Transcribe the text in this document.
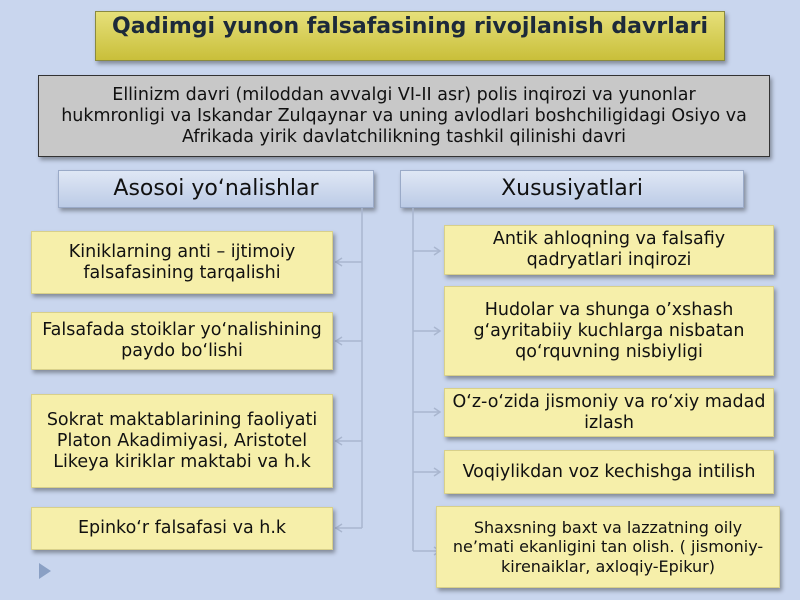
Qadimgi yunon falsafasining rivojlanish davrlari
Ellinizm davri (miloddan avvalgi VI-II asr) polis inqirozi va yunonlar hukmronligi va Iskandar Zulqaynar va uning avlodlari boshchiligidagi Osiyo va Afrikada yirik davlatchilikning tashkil qilinishi davri
Asosoi yo‘nalishlar	Xususiyatlari
Kiniklarning anti – ijtimoiy falsafasining tarqalishi
Falsafada stoiklar yo‘nalishining paydo bo‘lishi
Sokrat maktablarining faoliyati Platon Akadimiyasi, Aristotel Likeya kiriklar maktabi va h.k
Epinko‘r falsafasi va h.k
Antik ahloqning va falsafiy qadryatlari inqirozi
Hudolar va shunga o’xshash g‘ayritabiiy kuchlarga nisbatan qo‘rquvning nisbiyligi
O‘z-o‘zida jismoniy va ro‘xiy madad izlash
Voqiylikdan voz kechishga intilish
Shaxsning baxt va lazzatning oily ne’mati ekanligini tan olish. ( jismoniy-kirenaiklar, axloqiy-Epikur)
